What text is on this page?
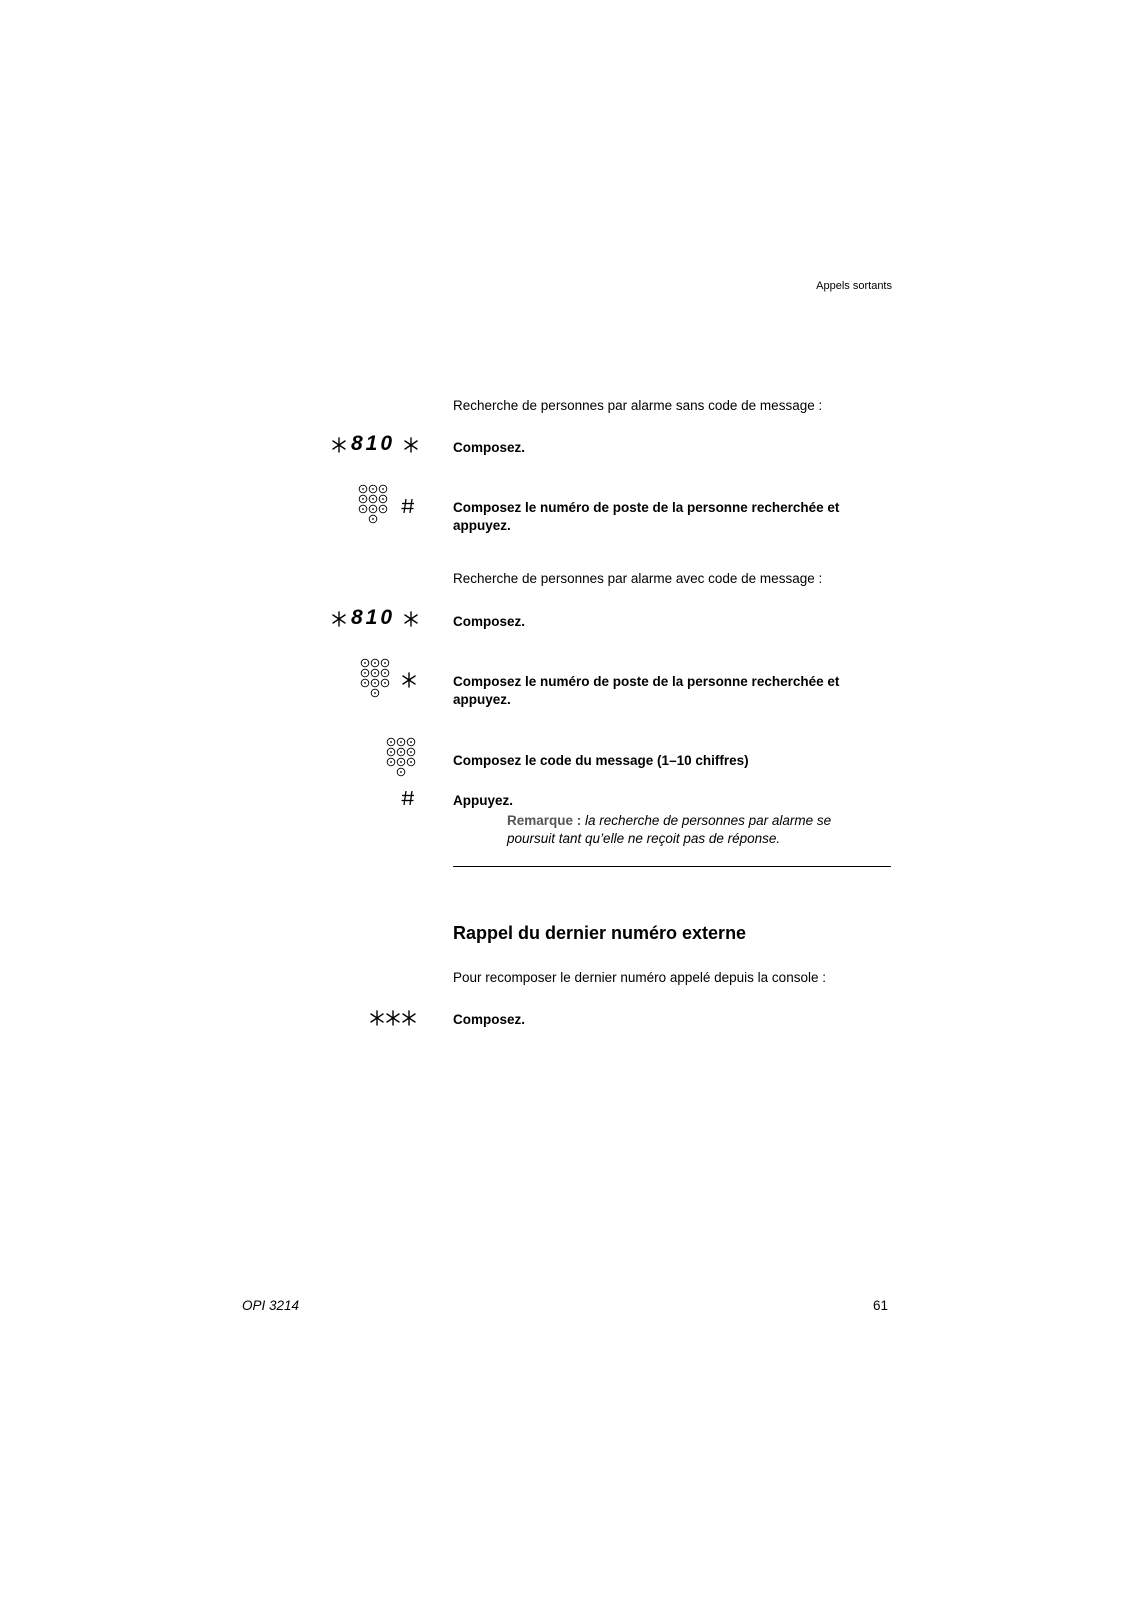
Appels sortants
Recherche de personnes par alarme sans code de message :
810	Composez.
Composez le numéro de poste de la personne recherchée et appuyez.
Recherche de personnes par alarme avec code de message :
810	Composez.
Composez le numéro de poste de la personne recherchée et appuyez.
Composez le code du message (1–10 chiffres)
Appuyez.
Remarque : la recherche de personnes par alarme se poursuit tant qu’elle ne reçoit pas de réponse.
Rappel du dernier numéro externe
Pour recomposer le dernier numéro appelé depuis la console :
Composez.
OPI 3214	61
